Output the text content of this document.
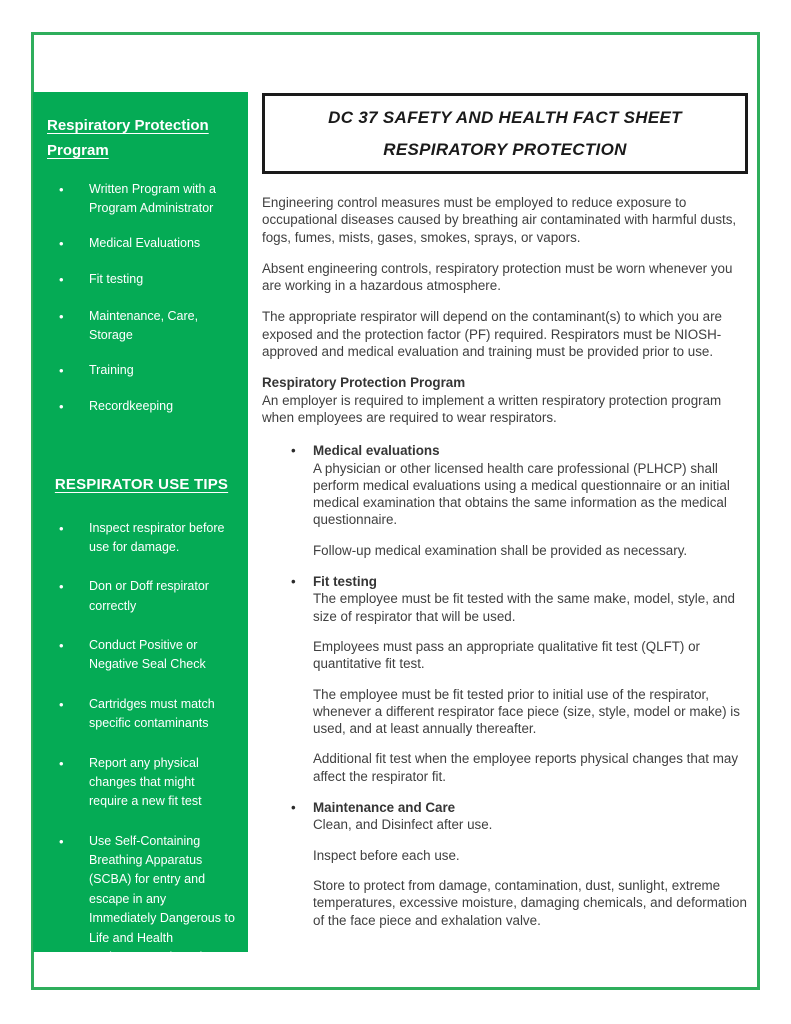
Respiratory Protection Program
•	Written Program with a Program Administrator
•	Medical Evaluations
•	Fit testing
•	Maintenance, Care, Storage
•	Training
•	Recordkeeping
RESPIRATOR USE TIPS
•	Inspect respirator before use for damage.
•	Don or Doff respirator correctly
•	Conduct Positive or Negative Seal Check
•	Cartridges must match specific contaminants
•	Report any physical changes that might require a new fit test
•	Use Self-Containing Breathing Apparatus (SCBA) for entry and escape in any Immediately Dangerous to Life and Health environments (IDLH)
DC 37 SAFETY AND HEALTH FACT SHEET
RESPIRATORY PROTECTION

Engineering control measures must be employed to reduce exposure to occupational diseases caused by breathing air contaminated with harmful dusts, fogs, fumes, mists, gases, smokes, sprays, or vapors.

Absent engineering controls, respiratory protection must be worn whenever you are working in a hazardous atmosphere.

The appropriate respirator will depend on the contaminant(s) to which you are exposed and the protection factor (PF) required. Respirators must be NIOSH-approved and medical evaluation and training must be provided prior to use.

Respiratory Protection Program

An employer is required to implement a written respiratory protection program when employees are required to wear respirators.

•	Medical evaluations

A physician or other licensed health care professional (PLHCP) shall perform medical evaluations using a medical questionnaire or an initial medical examination that obtains the same information as the medical questionnaire.

Follow-up medical examination shall be provided as necessary.

•	Fit testing

The employee must be fit tested with the same make, model, style, and size of respirator that will be used.

Employees must pass an appropriate qualitative fit test (QLFT) or quantitative fit test.

The employee must be fit tested prior to initial use of the respirator, whenever a different respirator face piece (size, style, model or make) is used, and at least annually thereafter.

Additional fit test when the employee reports physical changes that may affect the respirator fit.

•	Maintenance and Care

Clean, and Disinfect after use.

Inspect before each use.

Store to protect from damage, contamination, dust, sunlight, extreme temperatures, excessive moisture, damaging chemicals, and deformation of the face piece and exhalation valve.
